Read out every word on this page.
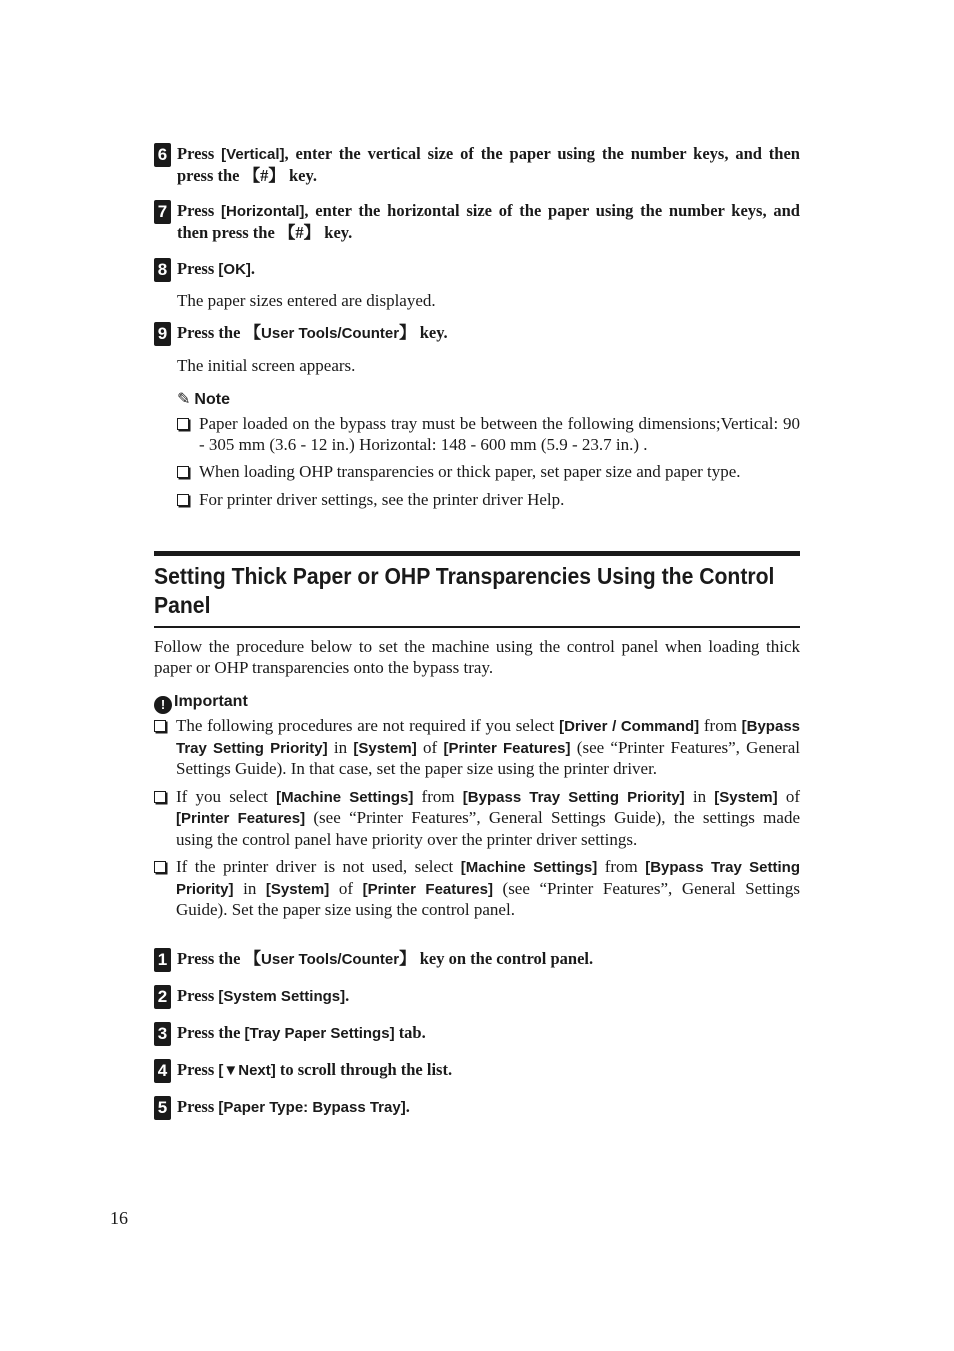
6 Press [Vertical], enter the vertical size of the paper using the number keys, and then press the 【#】 key.
7 Press [Horizontal], enter the horizontal size of the paper using the number keys, and then press the 【#】 key.
8 Press [OK].
The paper sizes entered are displayed.
9 Press the 【User Tools/Counter】 key.
The initial screen appears.
✎ Note
Paper loaded on the bypass tray must be between the following dimensions;Vertical: 90 - 305 mm (3.6 - 12 in.) Horizontal: 148 - 600 mm (5.9 - 23.7 in.) .
When loading OHP transparencies or thick paper, set paper size and paper type.
For printer driver settings, see the printer driver Help.
Setting Thick Paper or OHP Transparencies Using the Control Panel
Follow the procedure below to set the machine using the control panel when loading thick paper or OHP transparencies onto the bypass tray.
! Important
The following procedures are not required if you select [Driver / Command] from [Bypass Tray Setting Priority] in [System] of [Printer Features] (see “Printer Features”, General Settings Guide). In that case, set the paper size using the printer driver.
If you select [Machine Settings] from [Bypass Tray Setting Priority] in [System] of [Printer Features] (see “Printer Features”, General Settings Guide), the settings made using the control panel have priority over the printer driver settings.
If the printer driver is not used, select [Machine Settings] from [Bypass Tray Setting Priority] in [System] of [Printer Features] (see “Printer Features”, General Settings Guide). Set the paper size using the control panel.
1 Press the 【User Tools/Counter】 key on the control panel.
2 Press [System Settings].
3 Press the [Tray Paper Settings] tab.
4 Press [▼Next] to scroll through the list.
5 Press [Paper Type: Bypass Tray].
16
